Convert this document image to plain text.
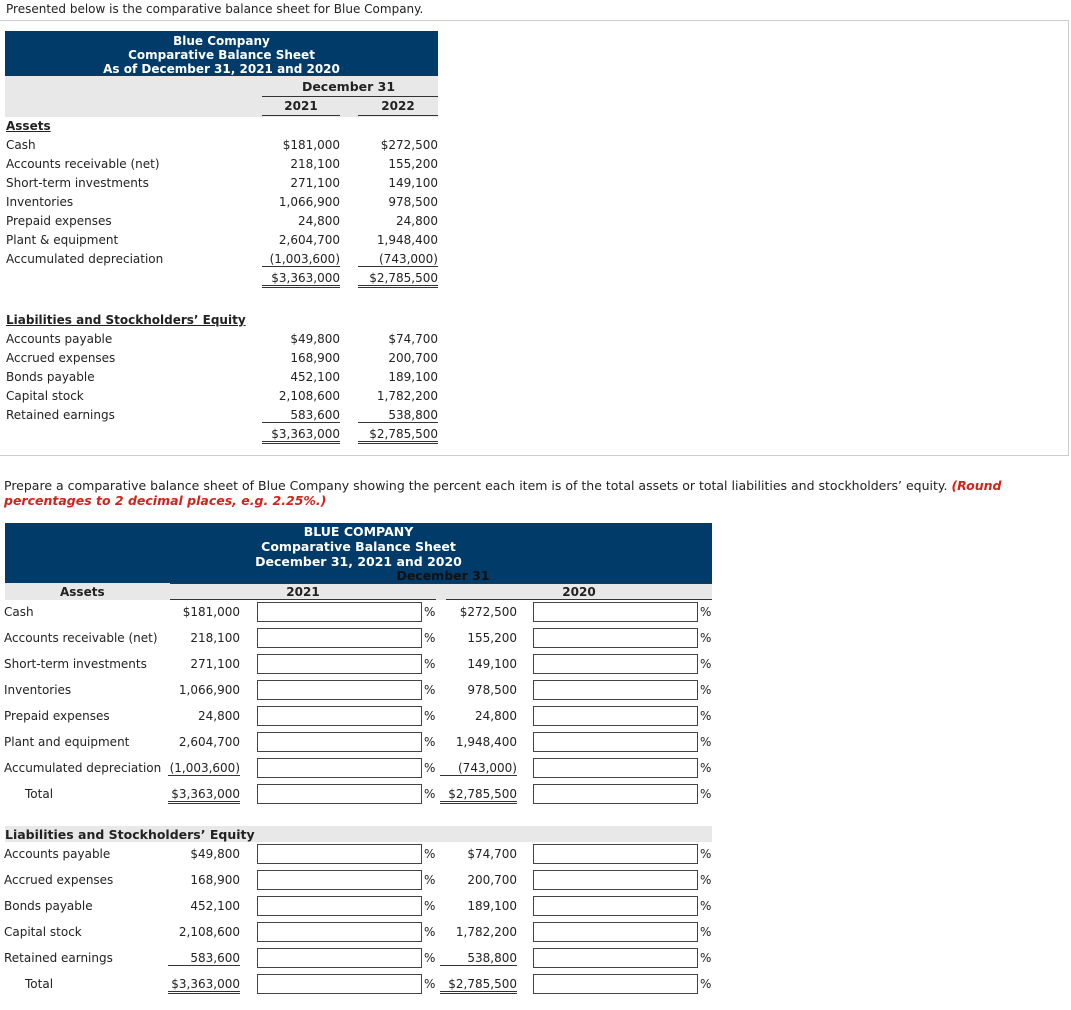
Presented below is the comparative balance sheet for Blue Company.
Blue Company
Comparative Balance Sheet
As of December 31, 2021 and 2020
December 31
2021	2022
Assets
Cash	$181,000	$272,500
Accounts receivable (net)	218,100	155,200
Short-term investments	271,100	149,100
Inventories	1,066,900	978,500
Prepaid expenses	24,800	24,800
Plant & equipment	2,604,700	1,948,400
Accumulated depreciation	(1,003,600)	(743,000)
$3,363,000	$2,785,500
Liabilities and Stockholders’ Equity
Accounts payable	$49,800	$74,700
Accrued expenses	168,900	200,700
Bonds payable	452,100	189,100
Capital stock	2,108,600	1,782,200
Retained earnings	583,600	538,800
$3,363,000	$2,785,500
Prepare a comparative balance sheet of Blue Company showing the percent each item is of the total assets or total liabilities and stockholders’ equity. (Round percentages to 2 decimal places, e.g. 2.25%.)
BLUE COMPANY
Comparative Balance Sheet
December 31, 2021 and 2020
December 31
Assets	2021	2020
Cash	$181,000	%	$272,500	%
Accounts receivable (net)	218,100	%	155,200	%
Short-term investments	271,100	%	149,100	%
Inventories	1,066,900	%	978,500	%
Prepaid expenses	24,800	%	24,800	%
Plant and equipment	2,604,700	%	1,948,400	%
Accumulated depreciation (1,003,600)	%	(743,000)	%
Total	$3,363,000	%	$2,785,500	%
Liabilities and Stockholders’ Equity
Accounts payable	$49,800	%	$74,700	%
Accrued expenses	168,900	%	200,700	%
Bonds payable	452,100	%	189,100	%
Capital stock	2,108,600	%	1,782,200	%
Retained earnings	583,600	%	538,800	%
Total	$3,363,000	%	$2,785,500	%
